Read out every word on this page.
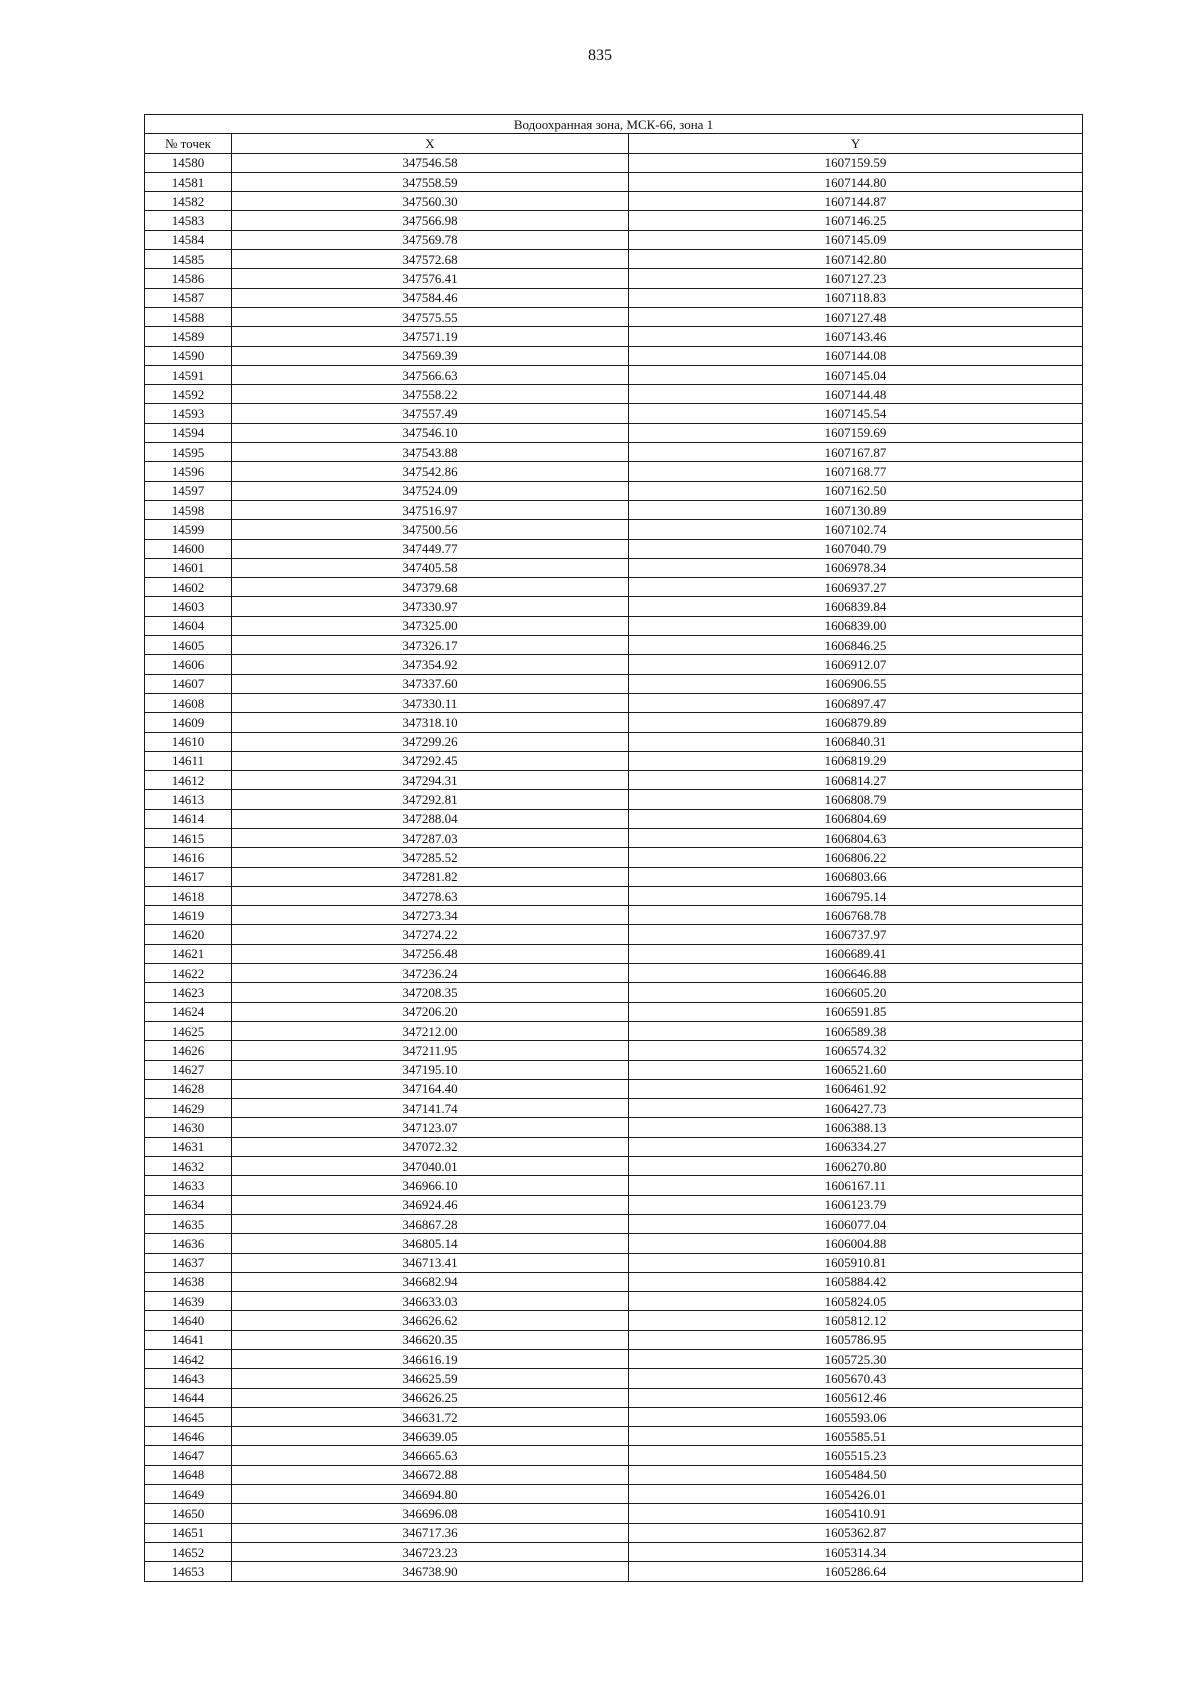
835
Водоохранная зона, МСК-66, зона 1		
№ точек	X	Y
14580	347546.58	1607159.59
14581	347558.59	1607144.80
14582	347560.30	1607144.87
14583	347566.98	1607146.25
14584	347569.78	1607145.09
14585	347572.68	1607142.80
14586	347576.41	1607127.23
14587	347584.46	1607118.83
14588	347575.55	1607127.48
14589	347571.19	1607143.46
14590	347569.39	1607144.08
14591	347566.63	1607145.04
14592	347558.22	1607144.48
14593	347557.49	1607145.54
14594	347546.10	1607159.69
14595	347543.88	1607167.87
14596	347542.86	1607168.77
14597	347524.09	1607162.50
14598	347516.97	1607130.89
14599	347500.56	1607102.74
14600	347449.77	1607040.79
14601	347405.58	1606978.34
14602	347379.68	1606937.27
14603	347330.97	1606839.84
14604	347325.00	1606839.00
14605	347326.17	1606846.25
14606	347354.92	1606912.07
14607	347337.60	1606906.55
14608	347330.11	1606897.47
14609	347318.10	1606879.89
14610	347299.26	1606840.31
14611	347292.45	1606819.29
14612	347294.31	1606814.27
14613	347292.81	1606808.79
14614	347288.04	1606804.69
14615	347287.03	1606804.63
14616	347285.52	1606806.22
14617	347281.82	1606803.66
14618	347278.63	1606795.14
14619	347273.34	1606768.78
14620	347274.22	1606737.97
14621	347256.48	1606689.41
14622	347236.24	1606646.88
14623	347208.35	1606605.20
14624	347206.20	1606591.85
14625	347212.00	1606589.38
14626	347211.95	1606574.32
14627	347195.10	1606521.60
14628	347164.40	1606461.92
14629	347141.74	1606427.73
14630	347123.07	1606388.13
14631	347072.32	1606334.27
14632	347040.01	1606270.80
14633	346966.10	1606167.11
14634	346924.46	1606123.79
14635	346867.28	1606077.04
14636	346805.14	1606004.88
14637	346713.41	1605910.81
14638	346682.94	1605884.42
14639	346633.03	1605824.05
14640	346626.62	1605812.12
14641	346620.35	1605786.95
14642	346616.19	1605725.30
14643	346625.59	1605670.43
14644	346626.25	1605612.46
14645	346631.72	1605593.06
14646	346639.05	1605585.51
14647	346665.63	1605515.23
14648	346672.88	1605484.50
14649	346694.80	1605426.01
14650	346696.08	1605410.91
14651	346717.36	1605362.87
14652	346723.23	1605314.34
14653	346738.90	1605286.64
